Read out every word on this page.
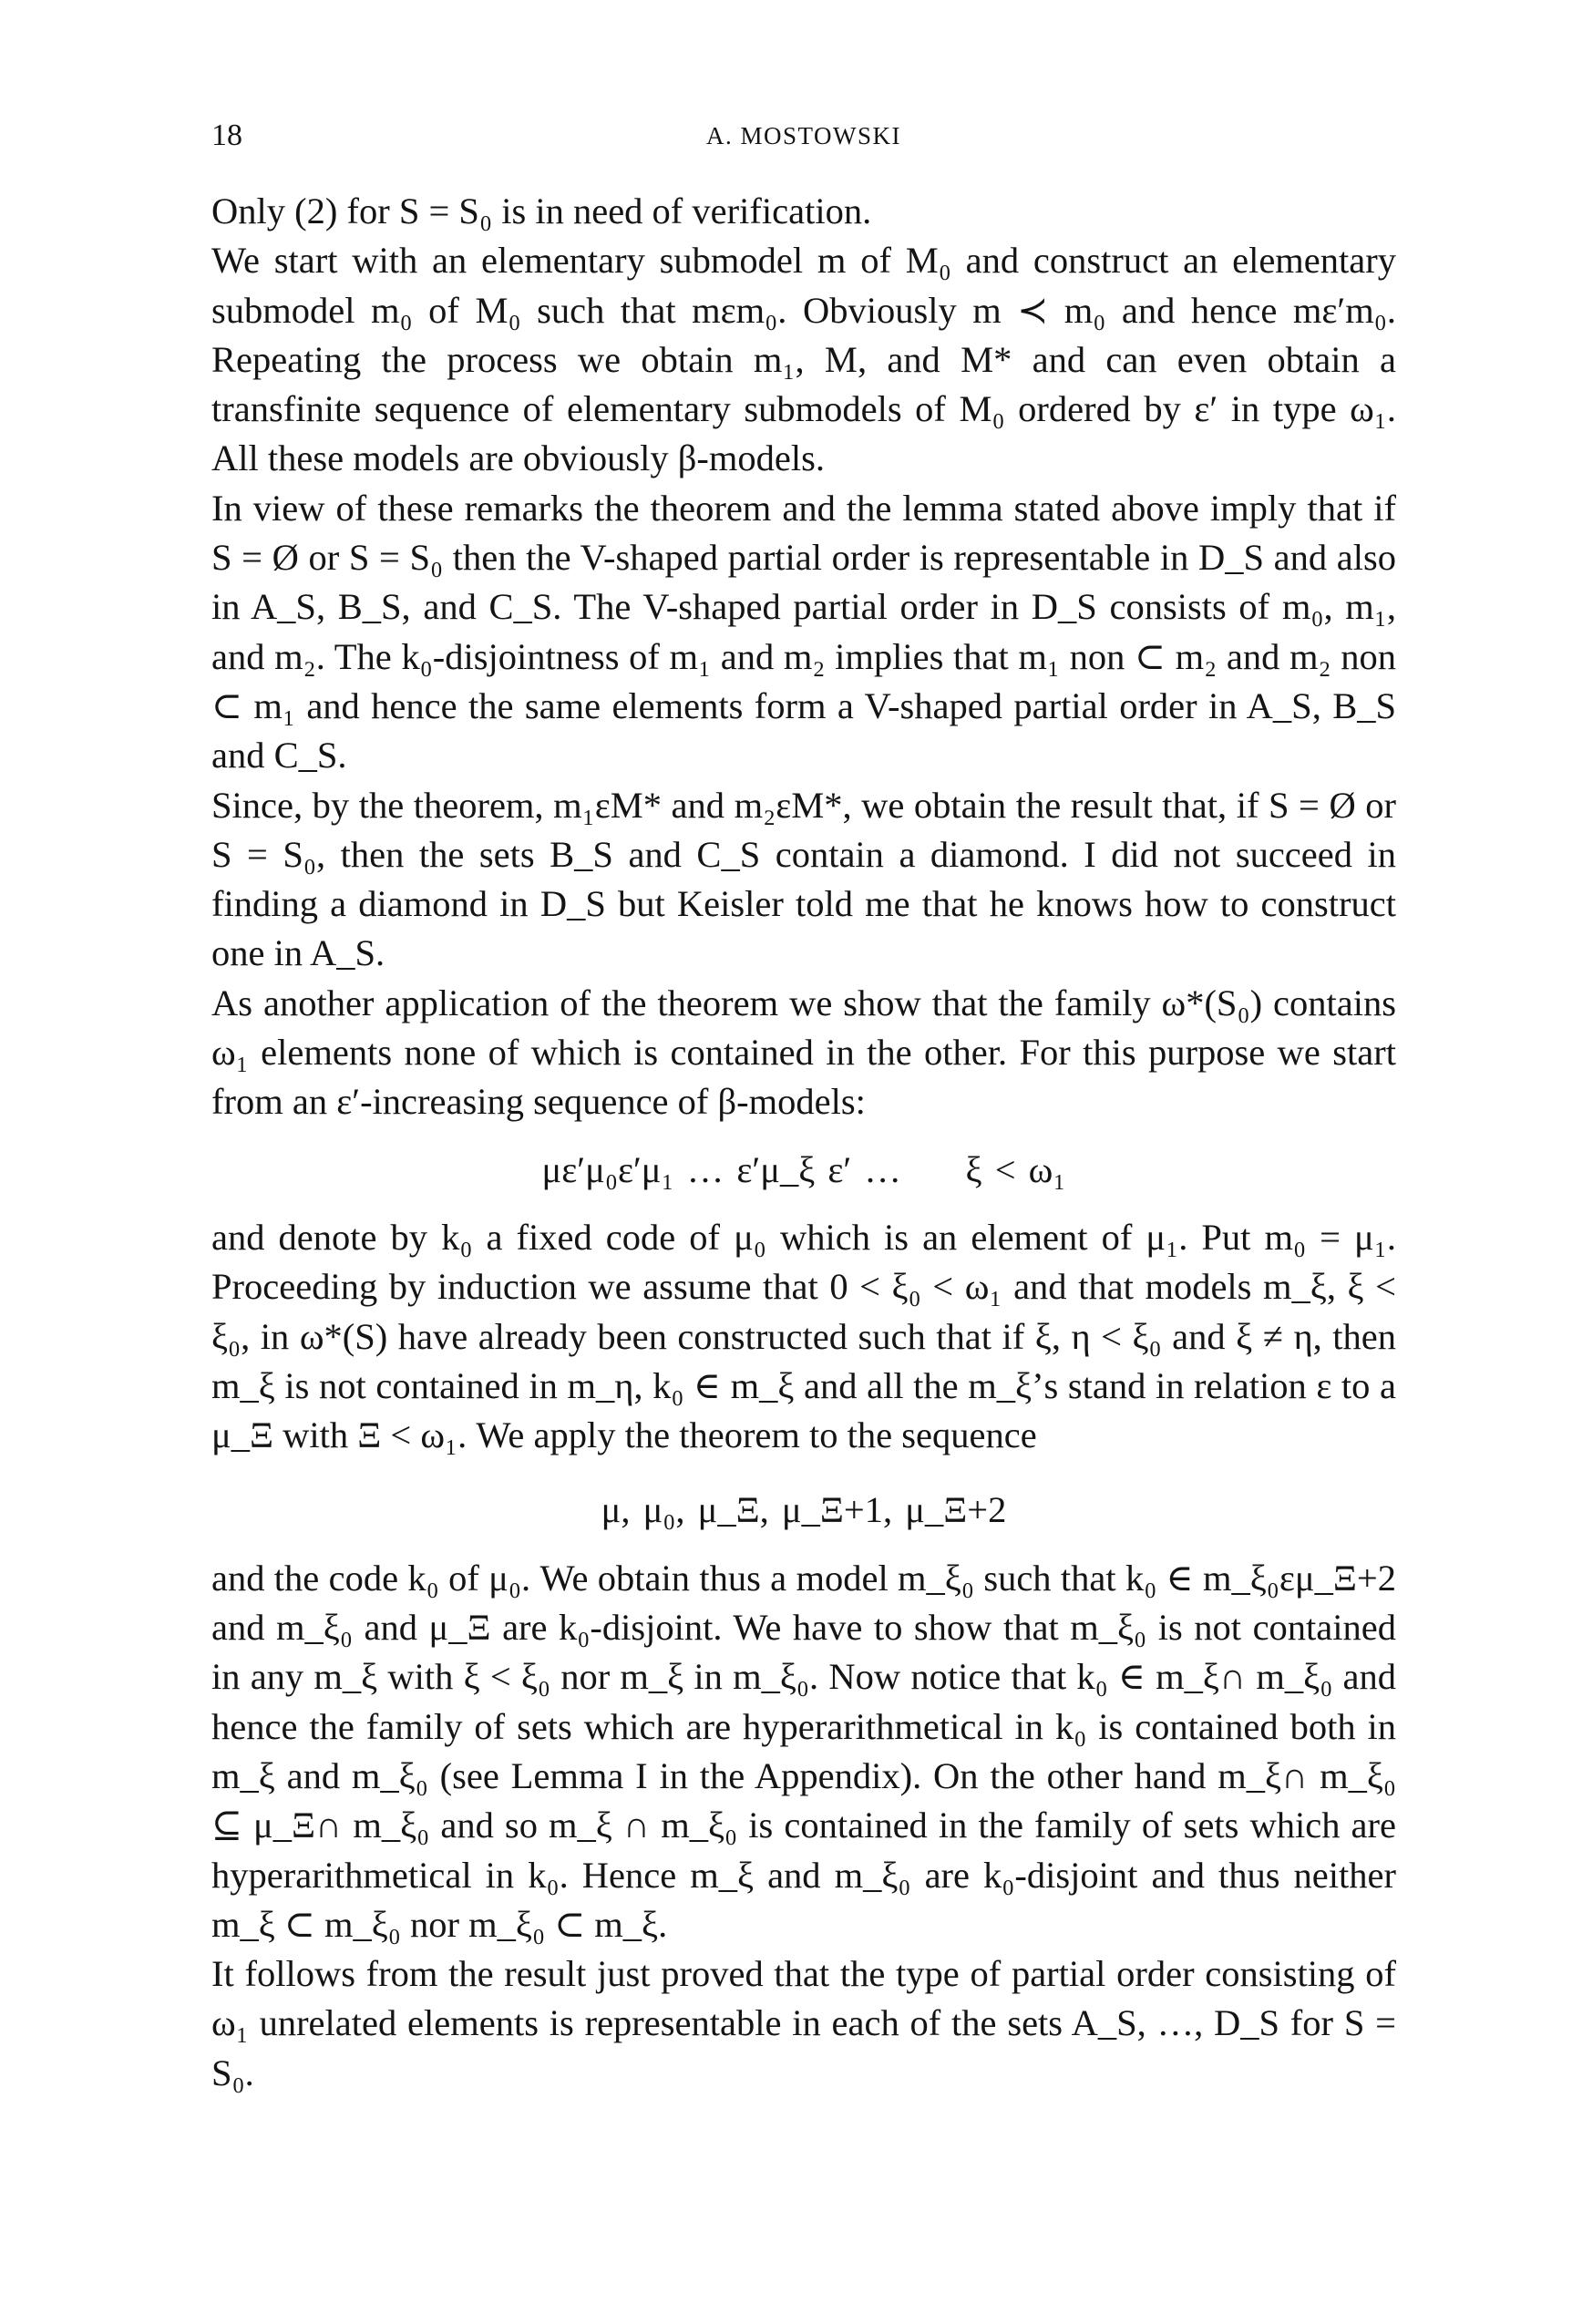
18	A. MOSTOWSKI

Only (2) for S = S₀ is in need of verification.

We start with an elementary submodel m of M₀ and construct an elementary submodel m₀ of M₀ such that mεm₀. Obviously m ≺ m₀ and hence mε′m₀. Repeating the process we obtain m₁, M, and M* and can even obtain a transfinite sequence of elementary submodels of M₀ ordered by ε′ in type ω₁. All these models are obviously β-models.

In view of these remarks the theorem and the lemma stated above imply that if S = Ø or S = S₀ then the V-shaped partial order is representable in D_S and also in A_S, B_S, and C_S. The V-shaped partial order in D_S consists of m₀, m₁, and m₂. The k₀-disjointness of m₁ and m₂ implies that m₁ non ⊂ m₂ and m₂ non ⊂ m₁ and hence the same elements form a V-shaped partial order in A_S, B_S and C_S.

Since, by the theorem, m₁εM* and m₂εM*, we obtain the result that, if S = Ø or S = S₀, then the sets B_S and C_S contain a diamond. I did not succeed in finding a diamond in D_S but Keisler told me that he knows how to construct one in A_S.

As another application of the theorem we show that the family ω*(S₀) contains ω₁ elements none of which is contained in the other. For this purpose we start from an ε′-increasing sequence of β-models:

με′μ₀ε′μ₁ … ε′μ_ξ ε′ …     ξ < ω₁

and denote by k₀ a fixed code of μ₀ which is an element of μ₁. Put m₀ = μ₁. Proceeding by induction we assume that 0 < ξ₀ < ω₁ and that models m_ξ, ξ < ξ₀, in ω*(S) have already been constructed such that if ξ, η < ξ₀ and ξ ≠ η, then m_ξ is not contained in m_η, k₀ ∈ m_ξ and all the m_ξ’s stand in relation ε to a μ_Ξ with Ξ < ω₁. We apply the theorem to the sequence

μ, μ₀, μ_Ξ, μ_Ξ+1, μ_Ξ+2

and the code k₀ of μ₀. We obtain thus a model m_ξ₀ such that k₀ ∈ m_ξ₀εμ_Ξ+2 and m_ξ₀ and μ_Ξ are k₀-disjoint. We have to show that m_ξ₀ is not contained in any m_ξ with ξ < ξ₀ nor m_ξ in m_ξ₀. Now notice that k₀ ∈ m_ξ∩ m_ξ₀ and hence the family of sets which are hyperarithmetical in k₀ is contained both in m_ξ and m_ξ₀ (see Lemma I in the Appendix). On the other hand m_ξ∩ m_ξ₀ ⊆ μ_Ξ∩ m_ξ₀ and so m_ξ ∩ m_ξ₀ is contained in the family of sets which are hyperarithmetical in k₀. Hence m_ξ and m_ξ₀ are k₀-disjoint and thus neither m_ξ ⊂ m_ξ₀ nor m_ξ₀ ⊂ m_ξ.

It follows from the result just proved that the type of partial order consisting of ω₁ unrelated elements is representable in each of the sets A_S, …, D_S for S = S₀.
